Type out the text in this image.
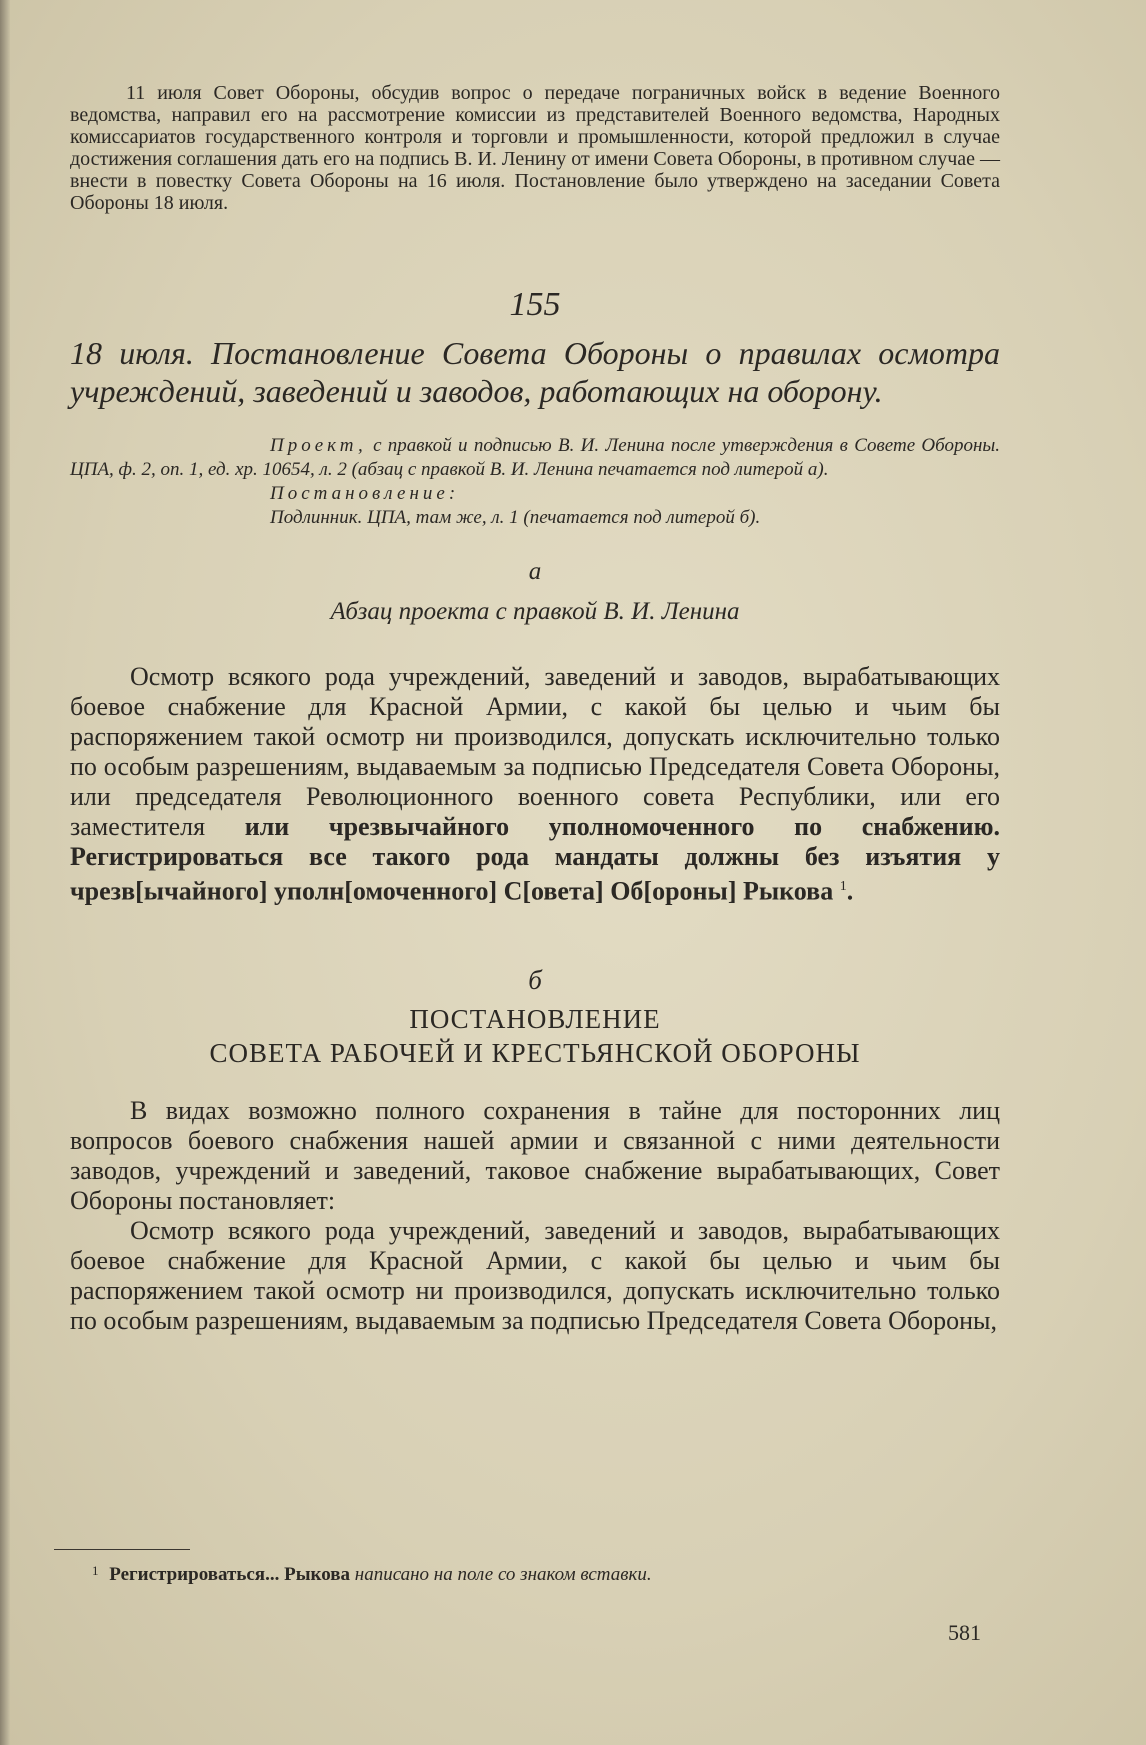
11 июля Совет Обороны, обсудив вопрос о передаче пограничных войск в ведение Военного ведомства, направил его на рассмотрение комиссии из представителей Военного ведомства, Народных комиссариатов государственного контроля и торговли и промышленности, которой предложил в случае достижения соглашения дать его на подпись В. И. Ленину от имени Совета Обороны, в противном случае — внести в повестку Совета Обороны на 16 июля. Постановление было утверждено на заседании Совета Обороны 18 июля.

155

18 июля. Постановление Совета Обороны о правилах осмотра учреждений, заведений и заводов, работающих на оборону.

Проект, с правкой и подписью В. И. Ленина после утверждения в Совете Обороны. ЦПА, ф. 2, оп. 1, ед. хр. 10654, л. 2 (абзац с правкой В. И. Ленина печатается под литерой а).

Постановление:

Подлинник. ЦПА, там же, л. 1 (печатается под литерой б).

а
Абзац проекта с правкой В. И. Ленина

Осмотр всякого рода учреждений, заведений и заводов, вырабатывающих боевое снабжение для Красной Армии, с какой бы целью и чьим бы распоряжением такой осмотр ни производился, допускать исключительно только по особым разрешениям, выдаваемым за подписью Председателя Совета Обороны, или председателя Революционного военного совета Республики, или его заместителя или чрезвычайного уполномоченного по снабжению. Регистрироваться все такого рода мандаты должны без изъятия у чрезв[ычайного] уполн[омоченного] С[овета] Об[ороны] Рыкова $^1$.

б
ПОСТАНОВЛЕНИЕ
СОВЕТА РАБОЧЕЙ И КРЕСТЬЯНСКОЙ ОБОРОНЫ

В видах возможно полного сохранения в тайне для посторонних лиц вопросов боевого снабжения нашей армии и связанной с ними деятельности заводов, учреждений и заведений, таковое снабжение вырабатывающих, Совет Обороны постановляет:

Осмотр всякого рода учреждений, заведений и заводов, вырабатывающих боевое снабжение для Красной Армии, с какой бы целью и чьим бы распоряжением такой осмотр ни производился, допускать исключительно только по особым разрешениям, выдаваемым за подписью Председателя Совета Обороны,

$^1$ Регистрироваться... Рыкова написано на поле со знаком вставки.
581
